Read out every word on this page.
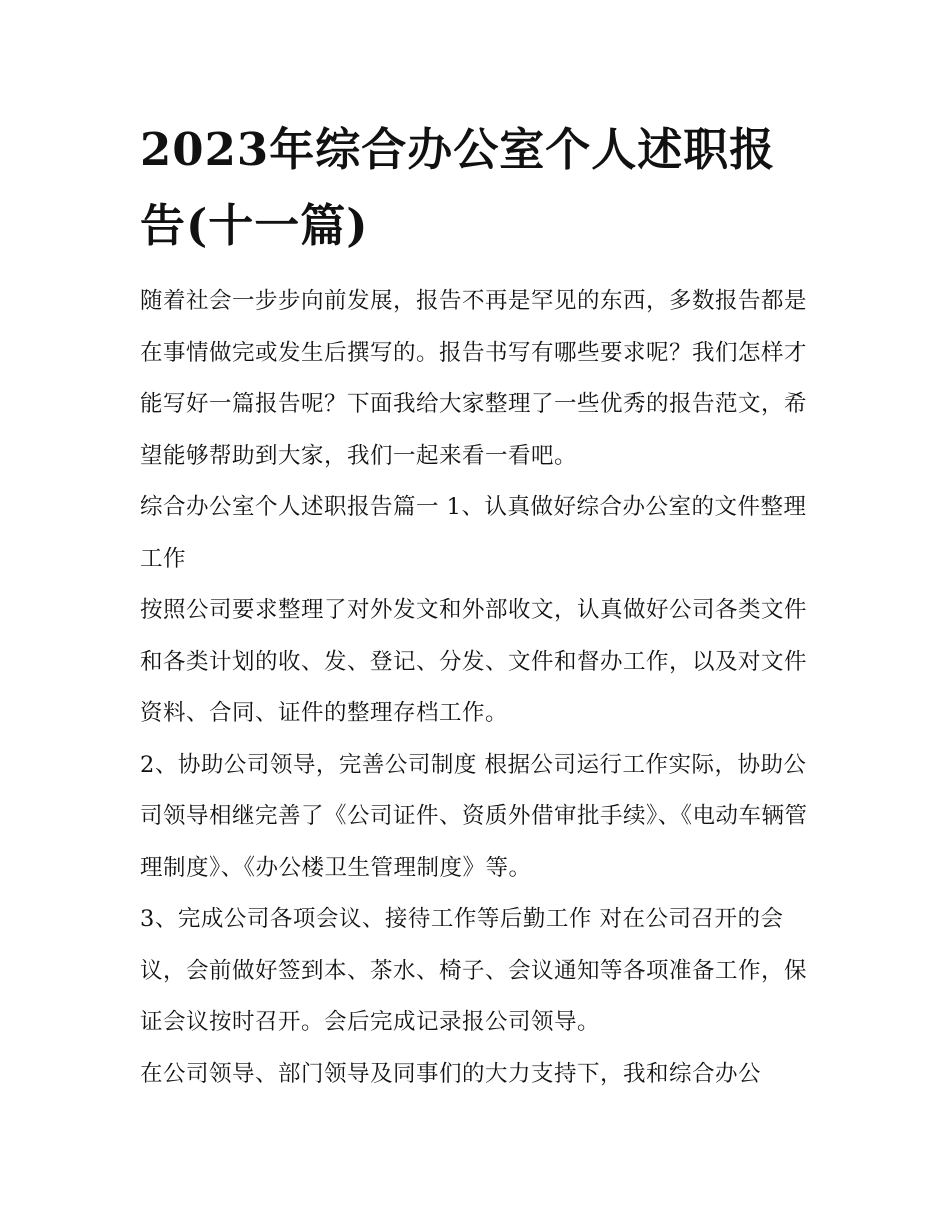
2023年综合办公室个人述职报告(十一篇)

随着社会一步步向前发展，报告不再是罕见的东西，多数报告都是在事情做完或发生后撰写的。报告书写有哪些要求呢？我们怎样才能写好一篇报告呢？下面我给大家整理了一些优秀的报告范文，希望能够帮助到大家，我们一起来看一看吧。

综合办公室个人述职报告篇一 1、认真做好综合办公室的文件整理工作

按照公司要求整理了对外发文和外部收文，认真做好公司各类文件和各类计划的收、发、登记、分发、文件和督办工作，以及对文件资料、合同、证件的整理存档工作。

2、协助公司领导，完善公司制度 根据公司运行工作实际，协助公司领导相继完善了《公司证件、资质外借审批手续》、《电动车辆管理制度》、《办公楼卫生管理制度》等。

3、完成公司各项会议、接待工作等后勤工作 对在公司召开的会议，会前做好签到本、茶水、椅子、会议通知等各项准备工作，保证会议按时召开。会后完成记录报公司领导。

在公司领导、部门领导及同事们的大力支持下，我和综合办公
